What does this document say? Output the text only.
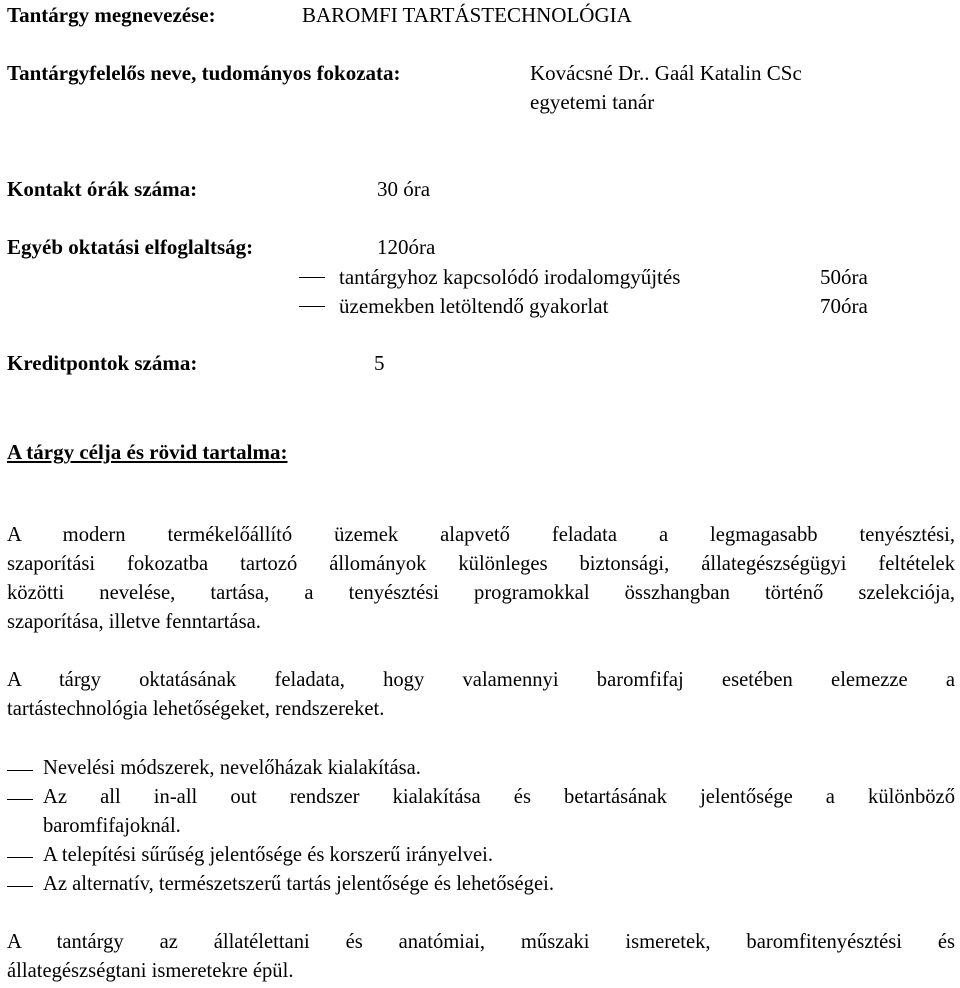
Tantárgy megnevezése:	BAROMFI TARTÁSTECHNOLÓGIA
Tantárgyfelelős neve, tudományos fokozata:	Kovácsné Dr.. Gaál Katalin CSc
egyetemi tanár
Kontakt órák száma:	30 óra
Egyéb oktatási elfoglaltság:	120óra
tantárgyhoz kapcsolódó irodalomgyűjtés	50óra
üzemekben letöltendő gyakorlat	70óra
Kreditpontok száma:	5
A tárgy célja és rövid tartalma:
A modern termékelőállító üzemek alapvető feladata a legmagasabb tenyésztési,
szaporítási fokozatba tartozó állományok különleges biztonsági, állategészségügyi feltételek
közötti nevelése, tartása, a tenyésztési programokkal összhangban történő szelekciója,
szaporítása, illetve fenntartása.
A tárgy oktatásának feladata, hogy valamennyi baromfifaj esetében elemezze a
tartástechnológia lehetőségeket, rendszereket.
Nevelési módszerek, nevelőházak kialakítása.
Az all in-all out rendszer kialakítása és betartásának jelentősége a különböző
baromfifajoknál.
A telepítési sűrűség jelentősége és korszerű irányelvei.
Az alternatív, természetszerű tartás jelentősége és lehetőségei.
A tantárgy az állatélettani és anatómiai, műszaki ismeretek, baromfitenyésztési és
állategészségtani ismeretekre épül.
